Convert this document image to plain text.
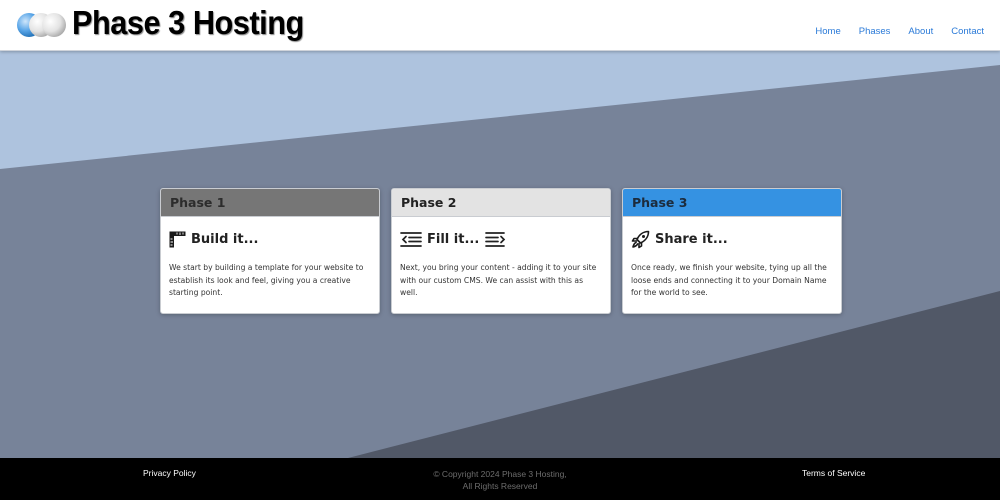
Phase 3 Hosting	Home Phases About Contact
Phase 1
Build it...
We start by building a template for your website to establish its look and feel, giving you a creative starting point.
Phase 2
Fill it...
Next, you bring your content - adding it to your site with our custom CMS. We can assist with this as well.
Phase 3
Share it...
Once ready, we finish your website, tying up all the loose ends and connecting it to your Domain Name for the world to see.
Privacy Policy	© Copyright 2024 Phase 3 Hosting,
All Rights Reserved
Terms of Service
